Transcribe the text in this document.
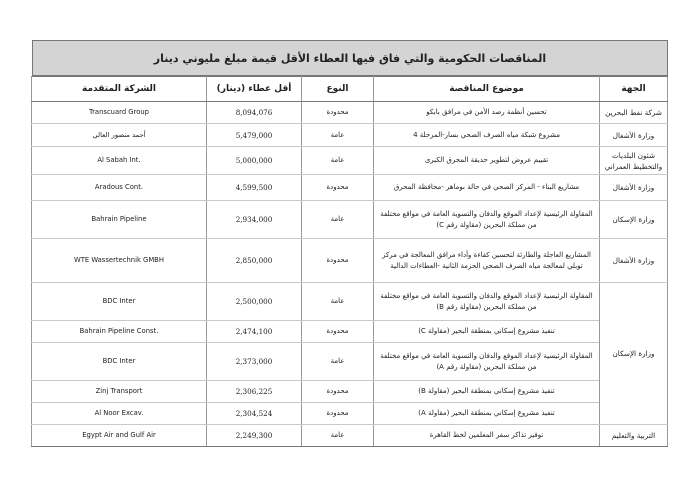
المناقصات الحكومية والتي فاق فيها العطاء الأقل قيمة مبلغ مليوني دينار
الجهة	موضوع المناقصة	النوع	أقل عطاء (دينار)	الشركة المتقدمة
شركة نفط البحرين	تحسين أنظمة رصد الأمن في مرافق بابكو	محدودة	8,094,076	Transcuard Group
وزارة الأشغال	مشروع شبكة مياه الصرف الصحي بسار-المرحلة 4	عامة	5,479,000	أحمد منصور العالي
شئون البلديات والتخطيط العمراني	تقييم عروض لتطوير حديقة المحرق الكبرى	عامة	5,000,000	Al Sabah Int.
وزارة الأشغال	مشاريع البناء - المركز الصحي في حالة بوماهر -محافظة المحرق	محدودة	4,599,500	Aradous Cont.
وزارة الإسكان	المقاولة الرئيسية لإعداد الموقع والدفان والتسوية العامة في مواقع مختلفة من مملكة البحرين (مقاولة رقم C)	عامة	2,934,000	Bahrain Pipeline
وزارة الأشغال	المشاريع العاجلة والطارئة لتحسين كفاءة وأداء مرافق المعالجة في مركز توبلي لمعالجة مياه الصرف الصحي الحزمة الثانية -العطاءات الدالية	محدودة	2,850,000	WTE Wassertechnik GMBH
وزارة الإسكان	المقاولة الرئيسية لإعداد الموقع والدفان والتسوية العامة في مواقع مختلفة من مملكة البحرين (مقاولة رقم B)	عامة	2,500,000	BDC Inter
	تنفيذ مشروع إسكاني بمنطقة البحير (مقاولة C)	محدودة	2,474,100	Bahrain Pipeline Const.
	المقاولة الرئيسية لإعداد الموقع والدفان والتسوية العامة في مواقع مختلفة من مملكة البحرين (مقاولة رقم A)	عامة	2,373,000	BDC Inter
	تنفيذ مشروع إسكاني بمنطقة البحير (مقاولة B)	محدودة	2,306,225	Zinj Transport
	تنفيذ مشروع إسكاني بمنطقة البحير (مقاولة A)	محدودة	2,304,524	Al Noor Excav.
التربية والتعليم	توفير تذاكر سفر المعلمين لخط القاهرة	عامة	2,249,300	Egypt Air and Gulf Air
